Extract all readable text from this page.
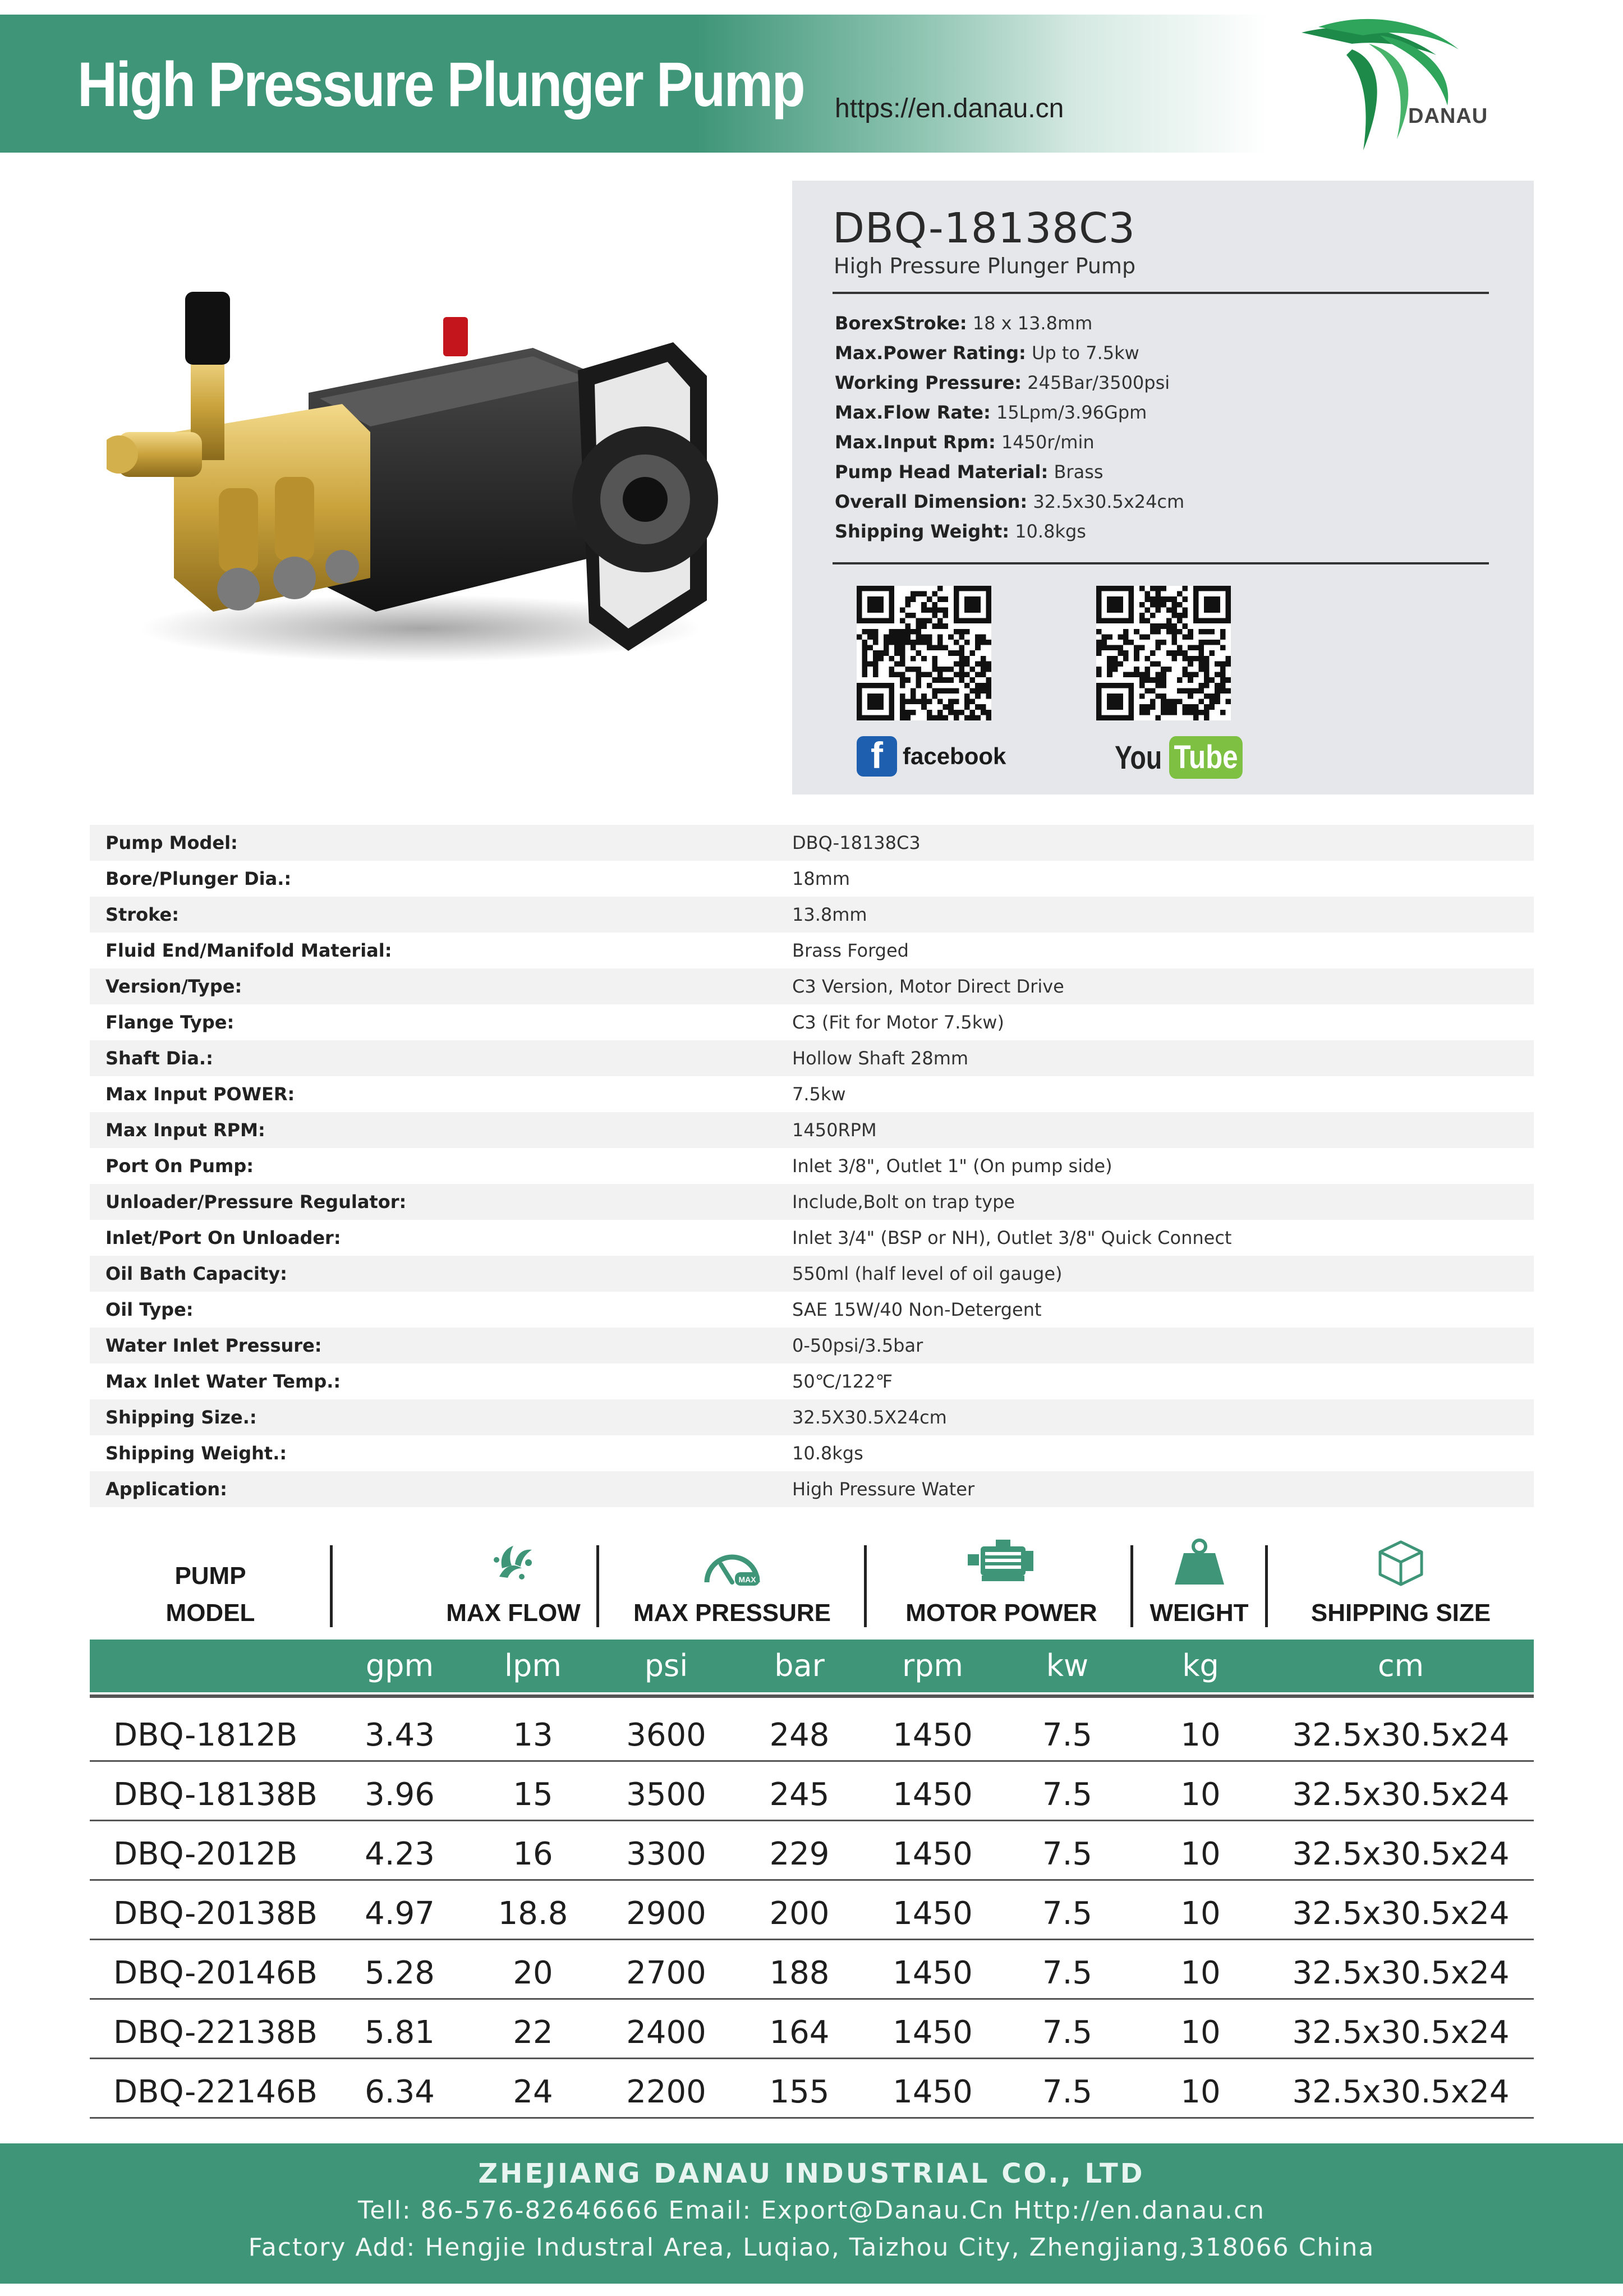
High Pressure Plunger Pump https://en.danau.cn	DANAU
DBQ-18138C3
High Pressure Plunger Pump
BorexStroke: 18 x 13.8mm
Max.Power Rating: Up to 7.5kw
Working Pressure: 245Bar/3500psi
Max.Flow Rate: 15Lpm/3.96Gpm
Max.Input Rpm: 1450r/min
Pump Head Material: Brass
Overall Dimension: 32.5x30.5x24cm
Shipping Weight: 10.8kgs
f facebook	You Tube
Pump Model:	DBQ-18138C3
Bore/Plunger Dia.:	18mm
Stroke:	13.8mm
Fluid End/Manifold Material:	Brass Forged
Version/Type:	C3 Version, Motor Direct Drive
Flange Type:	C3 (Fit for Motor 7.5kw)
Shaft Dia.:	Hollow Shaft 28mm
Max Input POWER:	7.5kw
Max Input RPM:	1450RPM
Port On Pump:	Inlet 3/8", Outlet 1" (On pump side)
Unloader/Pressure Regulator:	Include,Bolt on trap type
Inlet/Port On Unloader:	Inlet 3/4" (BSP or NH), Outlet 3/8" Quick Connect
Oil Bath Capacity:	550ml (half level of oil gauge)
Oil Type:	SAE 15W/40 Non-Detergent
Water Inlet Pressure:	0-50psi/3.5bar
Max Inlet Water Temp.:	50℃/122℉
Shipping Size.:	32.5X30.5X24cm
Shipping Weight.:	10.8kgs
Application:	High Pressure Water
PUMP
MODEL	MAX FLOW
MAX
MAX PRESSURE	MOTOR POWER	WEIGHT	SHIPPING SIZE
gpm	lpm	psi	bar	rpm	kw	kg	cm
DBQ-1812B	3.43	13	3600	248	1450	7.5	10	32.5x30.5x24
DBQ-18138B	3.96	15	3500	245	1450	7.5	10	32.5x30.5x24
DBQ-2012B	4.23	16	3300	229	1450	7.5	10	32.5x30.5x24
DBQ-20138B	4.97	18.8	2900	200	1450	7.5	10	32.5x30.5x24
DBQ-20146B	5.28	20	2700	188	1450	7.5	10	32.5x30.5x24
DBQ-22138B	5.81	22	2400	164	1450	7.5	10	32.5x30.5x24
DBQ-22146B	6.34	24	2200	155	1450	7.5	10	32.5x30.5x24
ZHEJIANG DANAU INDUSTRIAL CO., LTD
Tell: 86-576-82646666 Email: Export@Danau.Cn Http://en.danau.cn
Factory Add: Hengjie Industral Area, Luqiao, Taizhou City, Zhengjiang,318066 China
